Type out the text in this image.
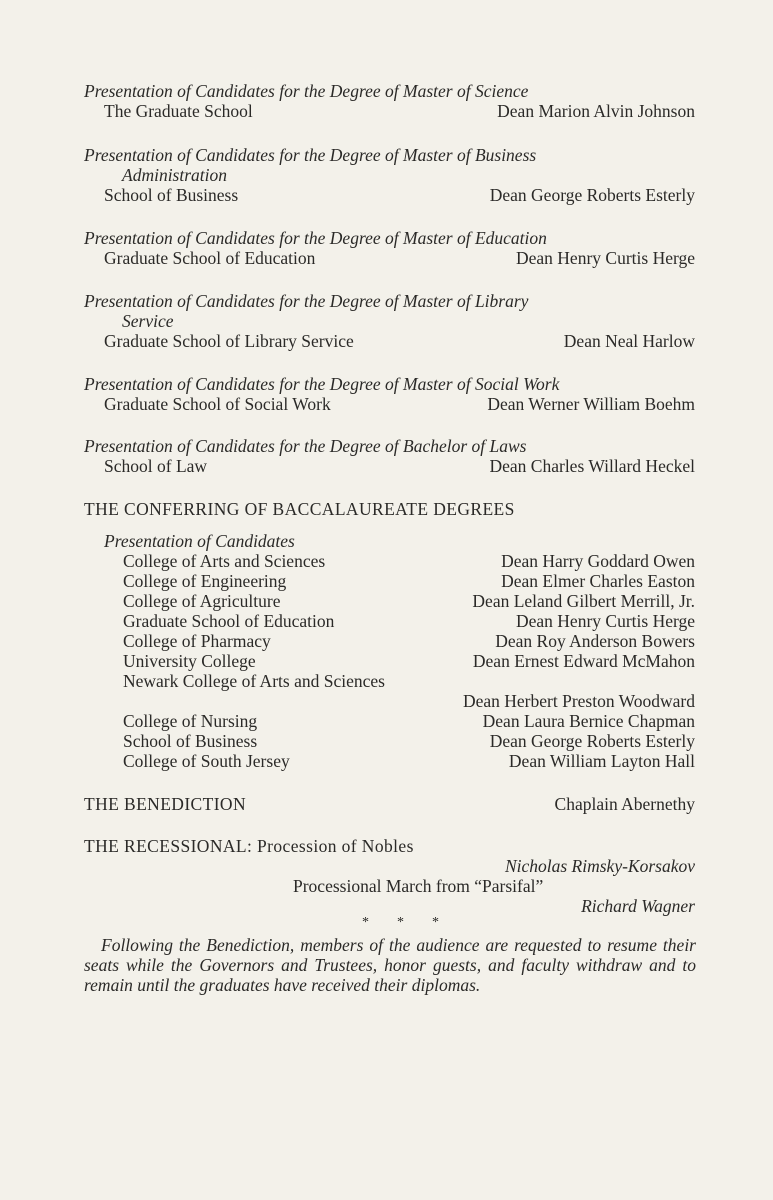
Presentation of Candidates for the Degree of Master of Science
The Graduate School	Dean Marion Alvin Johnson
Presentation of Candidates for the Degree of Master of Business
Administration
School of Business	Dean George Roberts Esterly
Presentation of Candidates for the Degree of Master of Education
Graduate School of Education	Dean Henry Curtis Herge
Presentation of Candidates for the Degree of Master of Library
Service
Graduate School of Library Service	Dean Neal Harlow
Presentation of Candidates for the Degree of Master of Social Work
Graduate School of Social Work	Dean Werner William Boehm
Presentation of Candidates for the Degree of Bachelor of Laws
School of Law	Dean Charles Willard Heckel
THE CONFERRING OF BACCALAUREATE DEGREES
Presentation of Candidates
College of Arts and Sciences	Dean Harry Goddard Owen
College of Engineering	Dean Elmer Charles Easton
College of Agriculture	Dean Leland Gilbert Merrill, Jr.
Graduate School of Education	Dean Henry Curtis Herge
College of Pharmacy	Dean Roy Anderson Bowers
University College	Dean Ernest Edward McMahon
Newark College of Arts and Sciences
Dean Herbert Preston Woodward
College of Nursing	Dean Laura Bernice Chapman
School of Business	Dean George Roberts Esterly
College of South Jersey	Dean William Layton Hall
THE BENEDICTION	Chaplain Abernethy
THE RECESSIONAL: Procession of Nobles
Nicholas Rimsky-Korsakov
Processional March from “Parsifal”
Richard Wagner
*        *        *
Following the Benediction, members of the audience are requested to resume their seats while the Governors and Trustees, honor guests, and faculty withdraw and to remain until the graduates have received their diplomas.
